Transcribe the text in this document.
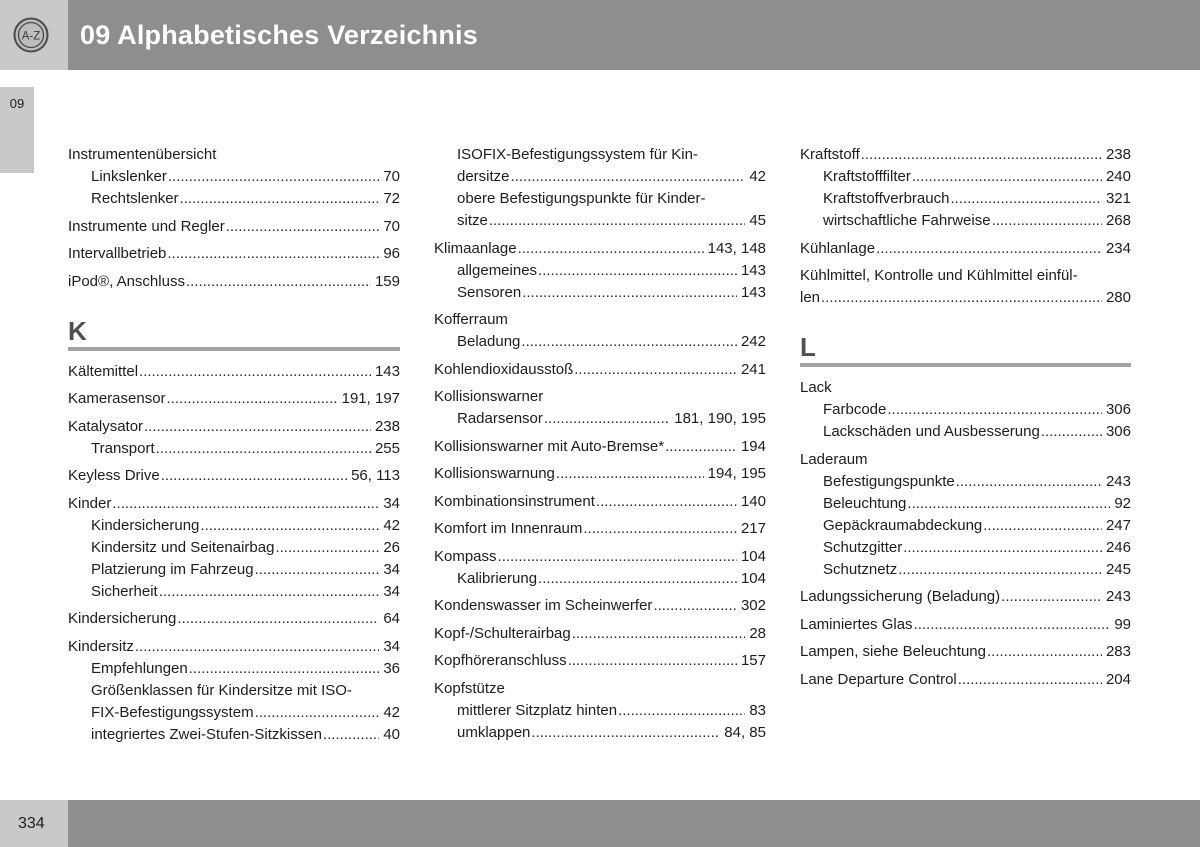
A-Z 09 Alphabetisches Verzeichnis
09
Instrumentenübersicht
Linkslenker .....	70
Rechtslenker .....	72
Instrumente und Regler .....	70
Intervallbetrieb .....	96
iPod®, Anschluss .....	159
K
Kältemittel .....	143
Kamerasensor .....	191, 197
Katalysator .....	238
Transport .....	255
Keyless Drive .....	56, 113
Kinder .....	34
Kindersicherung .....	42
Kindersitz und Seitenairbag .....	26
Platzierung im Fahrzeug .....	34
Sicherheit .....	34
Kindersicherung .....	64
Kindersitz .....	34
Empfehlungen .....	36
Größenklassen für Kindersitze mit ISO-
FIX-Befestigungssystem .....	42
integriertes Zwei-Stufen-Sitzkissen .....	40
ISOFIX-Befestigungssystem für Kin-
dersitze .....	42
obere Befestigungspunkte für Kinder-
sitze .....	45
Klimaanlage .....	143, 148
allgemeines .....	143
Sensoren .....	143
Kofferraum
Beladung .....	242
Kohlendioxidausstoß .....	241
Kollisionswarner
Radarsensor .....	181, 190, 195
Kollisionswarner mit Auto-Bremse* .....	194
Kollisionswarnung .....	194, 195
Kombinationsinstrument .....	140
Komfort im Innenraum .....	217
Kompass .....	104
Kalibrierung .....	104
Kondenswasser im Scheinwerfer .....	302
Kopf-/Schulterairbag .....	28
Kopfhöreranschluss .....	157
Kopfstütze
mittlerer Sitzplatz hinten .....	83
umklappen .....	84, 85
Kraftstoff .....	238
Kraftstofffilter .....	240
Kraftstoffverbrauch .....	321
wirtschaftliche Fahrweise .....	268
Kühlanlage .....	234
Kühlmittel, Kontrolle und Kühlmittel einfül-
len .....	280
L
Lack
Farbcode .....	306
Lackschäden und Ausbesserung .....	306
Laderaum
Befestigungspunkte .....	243
Beleuchtung .....	92
Gepäckraumabdeckung .....	247
Schutzgitter .....	246
Schutznetz .....	245
Ladungssicherung (Beladung) .....	243
Laminiertes Glas .....	99
Lampen, siehe Beleuchtung .....	283
Lane Departure Control .....	204
334
